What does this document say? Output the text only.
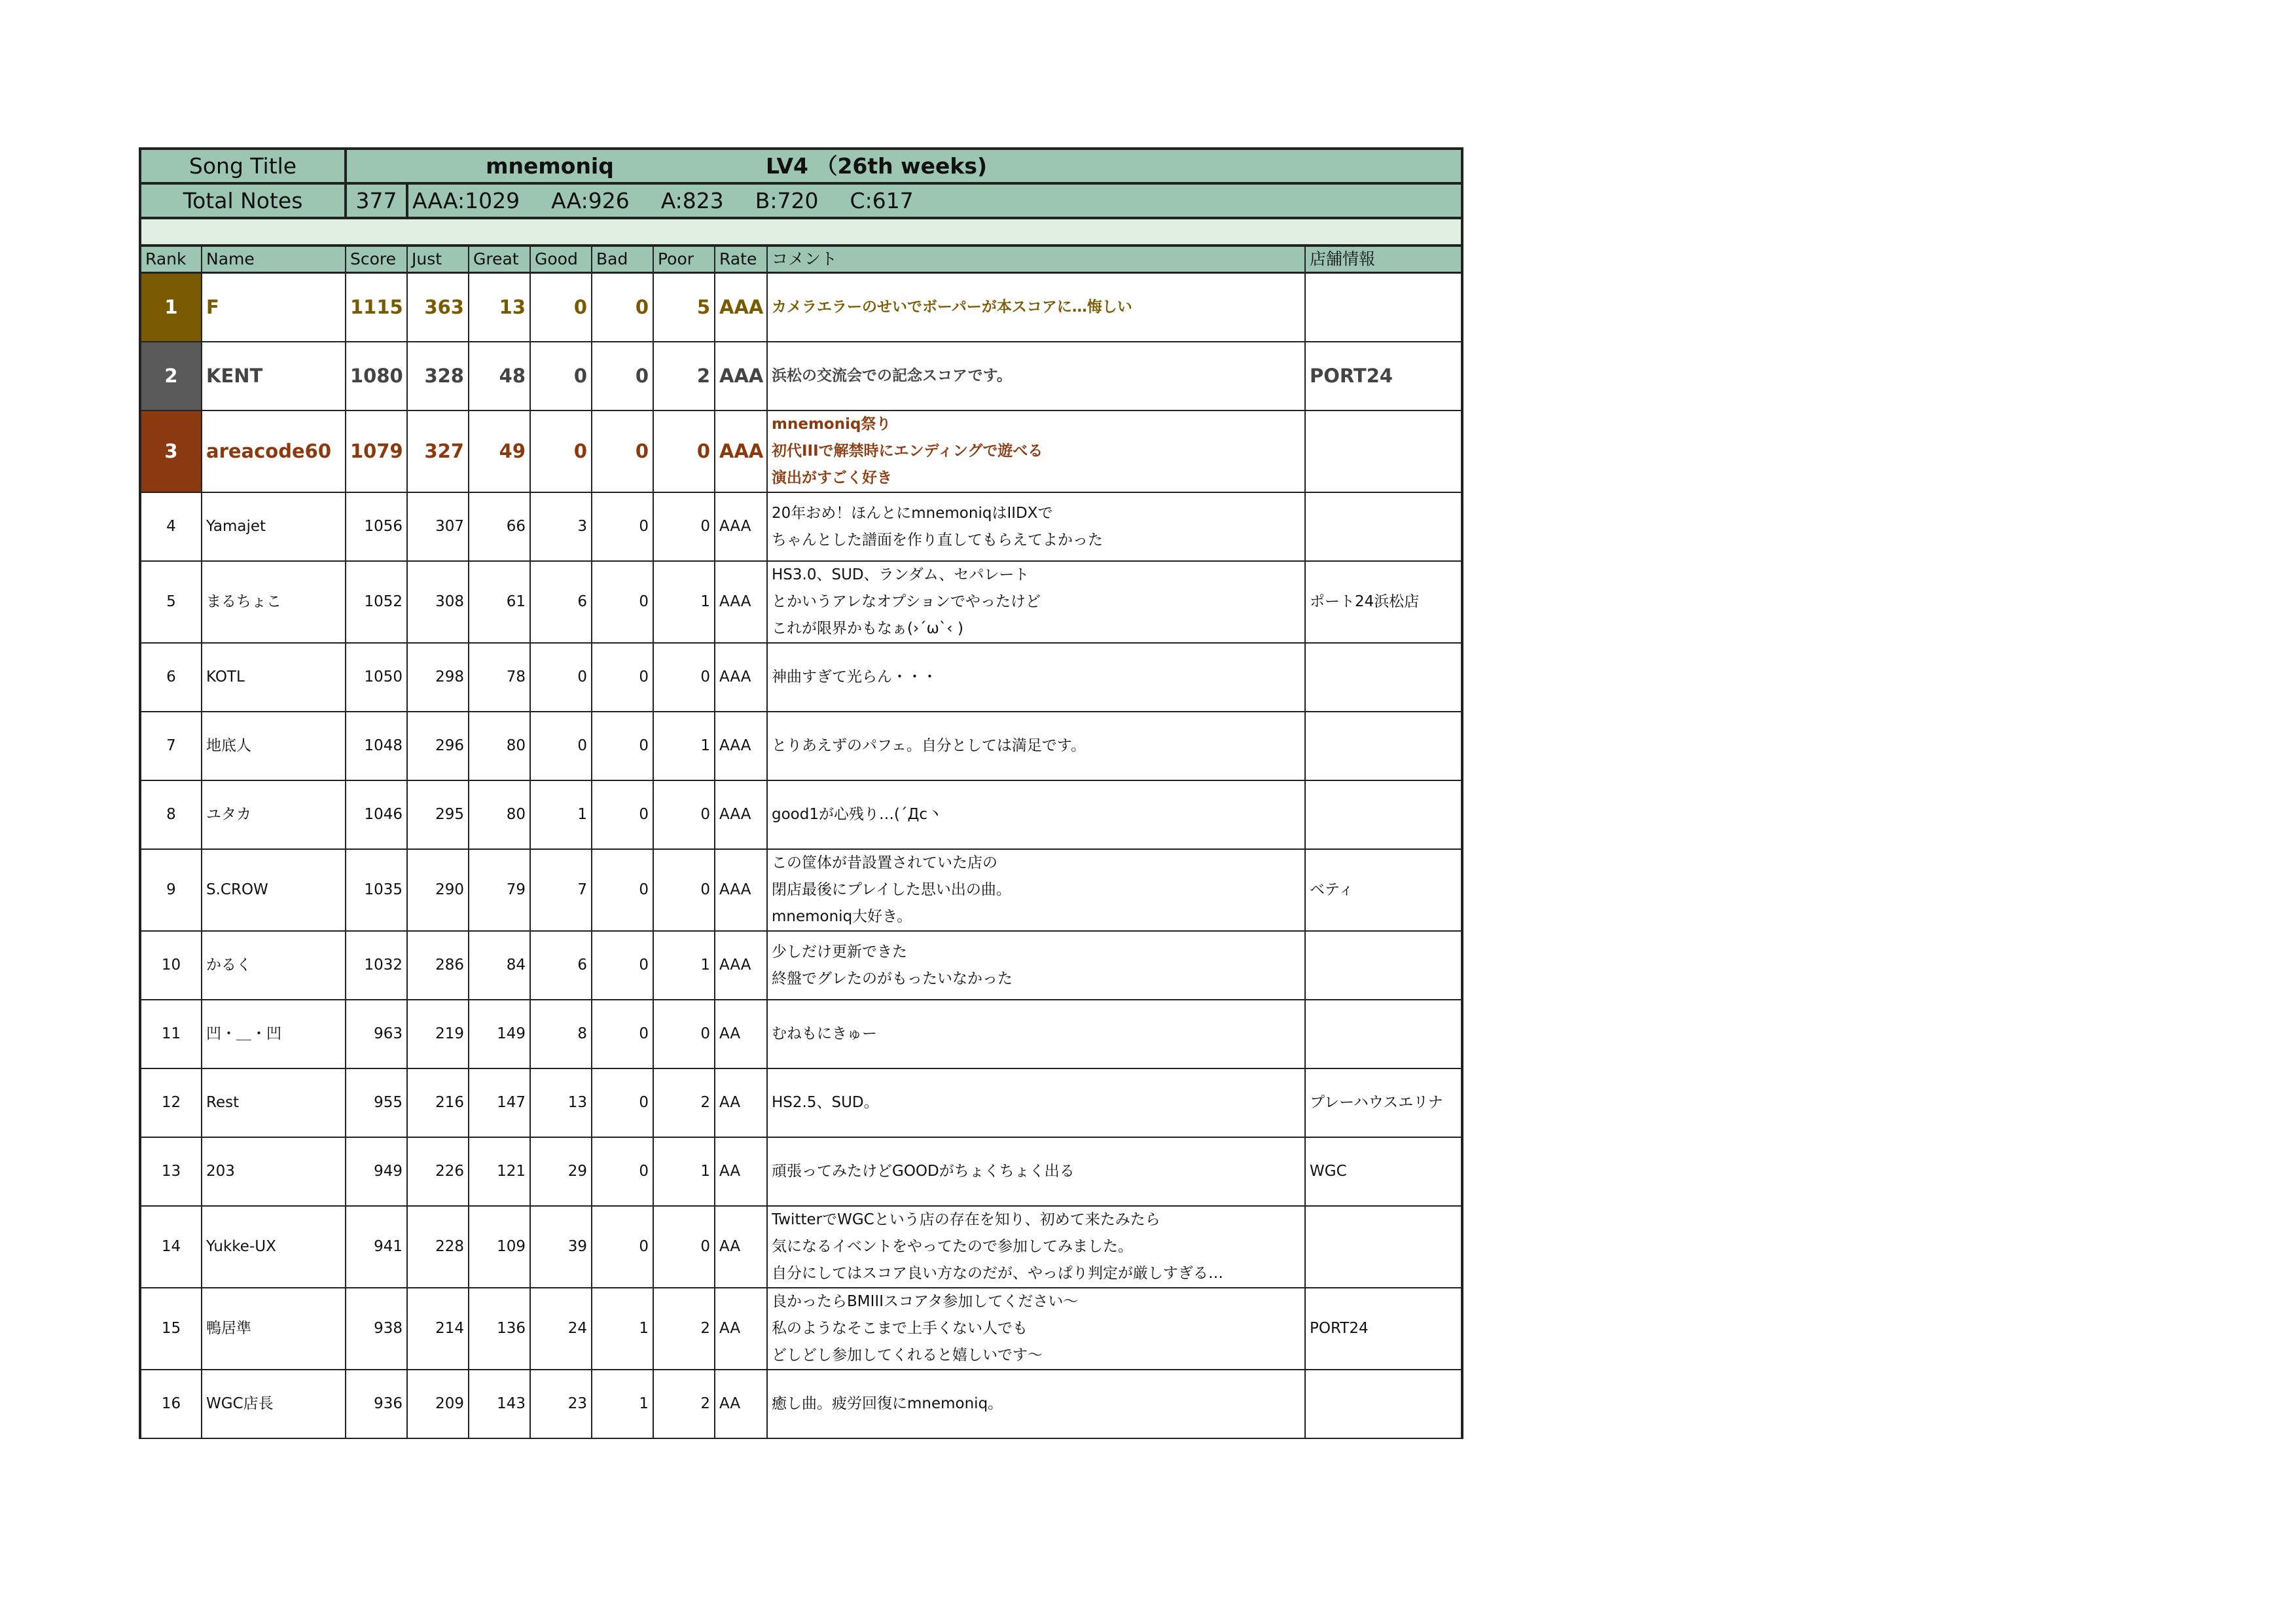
Song Title		mnemoniq LV4 （26th weeks)								
Total Notes		377	AAA:1029 AA:926 A:823 B:720 C:617							

Rank	Name	Score	Just	Great	Good	Bad	Poor	Rate	コメント	店舗情報
1	F	1115	363	13	0	0	5	AAA	カメラエラーのせいでボーパーが本スコアに…悔しい	

2	KENT	1080	328	48	0	0	2	AAA	浜松の交流会での記念スコアです。	PORT24
3	areacode60	1079	327	49	0	0	0	AAA	mnemoniq祭り
初代IIIで解禁時にエンディングで遊べる
演出がすごく好き	

4	Yamajet	1056	307	66	3	0	0	AAA	20年おめ！ほんとにmnemoniqはIIDXで
ちゃんとした譜面を作り直してもらえてよかった	

5	まるちょこ	1052	308	61	6	0	1	AAA	HS3.0、SUD、ランダム、セパレート
とかいうアレなオプションでやったけど
これが限界かもなぁ(›´ω`‹ )	ポート24浜松店
6	KOTL	1050	298	78	0	0	0	AAA	神曲すぎて光らん・・・	

7	地底人	1048	296	80	0	0	1	AAA	とりあえずのパフェ。自分としては満足です。	

8	ユタカ	1046	295	80	1	0	0	AAA	good1が心残り…(´Дc丶	

9	S.CROW	1035	290	79	7	0	0	AAA	この筐体が昔設置されていた店の
閉店最後にプレイした思い出の曲。
mnemoniq大好き。	ベティ
10	かるく	1032	286	84	6	0	1	AAA	少しだけ更新できた
終盤でグレたのがもったいなかった	

11	凹・＿・凹	963	219	149	8	0	0	AA	むねもにきゅー	

12	Rest	955	216	147	13	0	2	AA	HS2.5、SUD。	プレーハウスエリナ
13	203	949	226	121	29	0	1	AA	頑張ってみたけどGOODがちょくちょく出る	WGC
14	Yukke-UX	941	228	109	39	0	0	AA	TwitterでWGCという店の存在を知り、初めて来たみたら
気になるイベントをやってたので参加してみました。
自分にしてはスコア良い方なのだが、やっぱり判定が厳しすぎる…	

15	鴨居準	938	214	136	24	1	2	AA	良かったらBMIIIスコアタ参加してください〜
私のようなそこまで上手くない人でも
どしどし参加してくれると嬉しいです〜	PORT24
16	WGC店長	936	209	143	23	1	2	AA	癒し曲。疲労回復にmnemoniq。	
